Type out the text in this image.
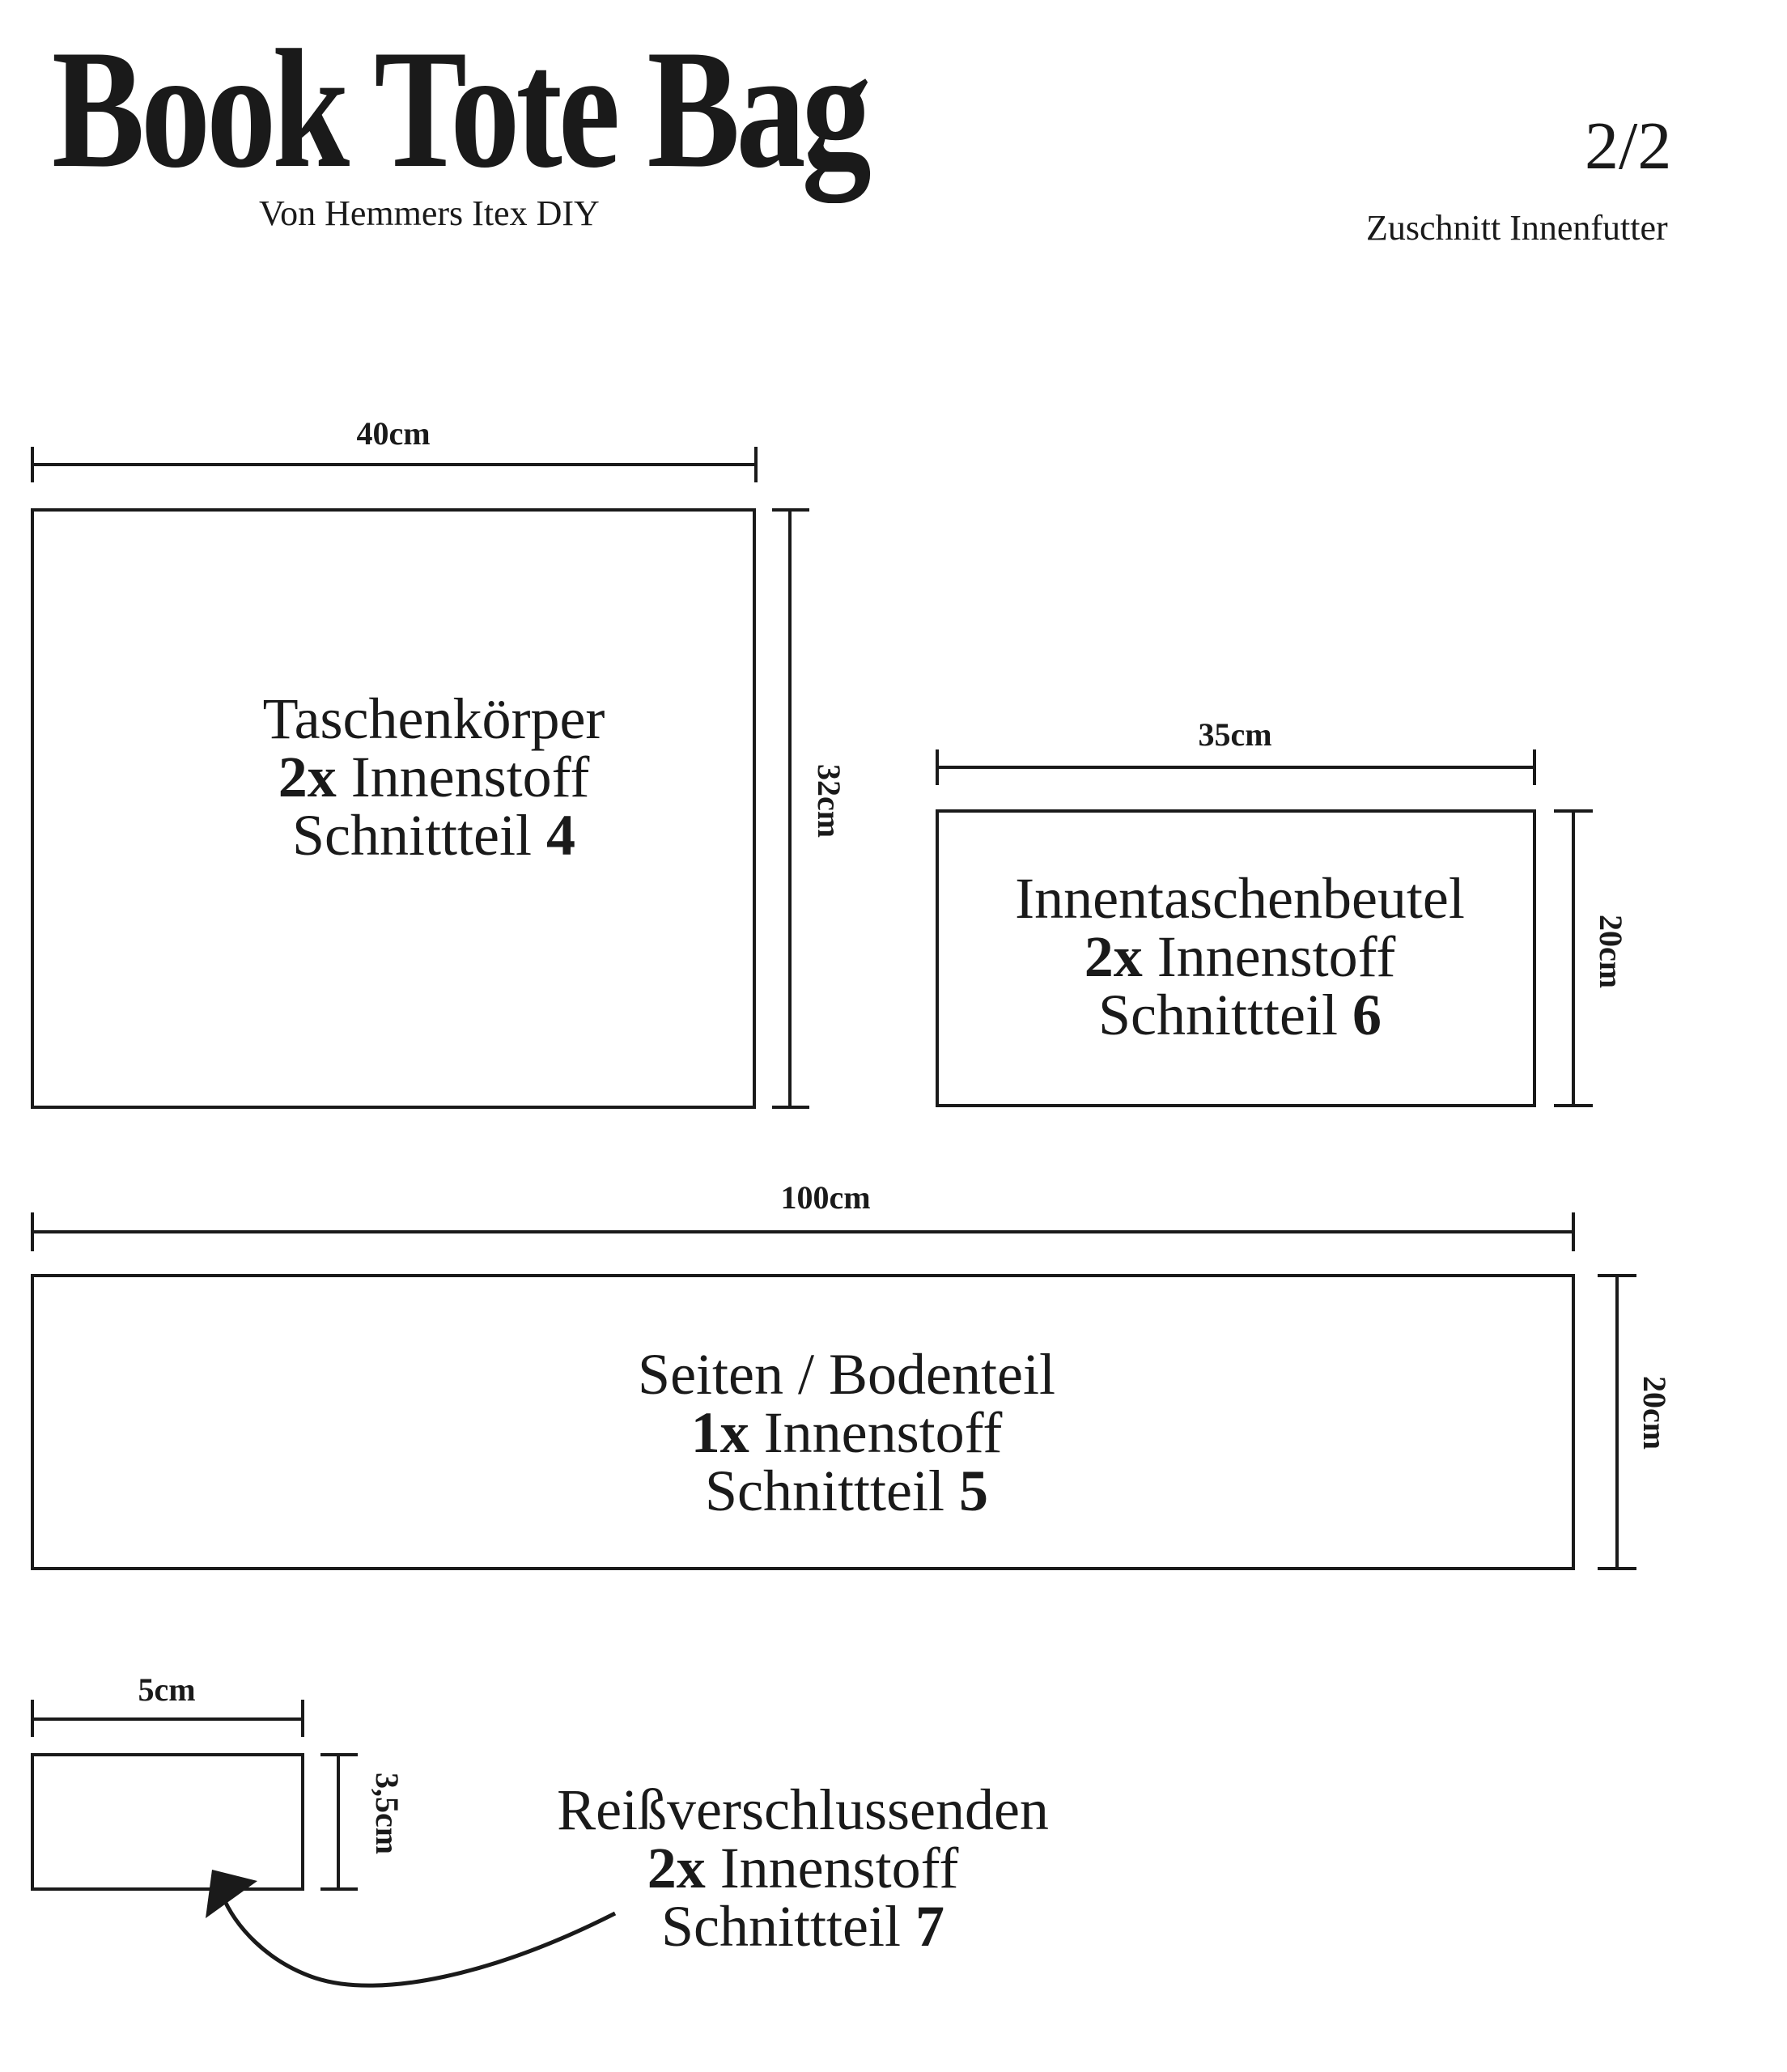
Book Tote Bag
Von Hemmers Itex DIY
2/2
Zuschnitt Innenfutter
Taschenkörper
2x Innenstoff
Schnittteil 4
40cm
32cm
Innentaschenbeutel
2x Innenstoff
Schnittteil 6
35cm
20cm
Seiten / Bodenteil
1x Innenstoff
Schnittteil 5
100cm
20cm
Reißverschlussenden
2x Innenstoff
Schnittteil 7
5cm
3,5cm
